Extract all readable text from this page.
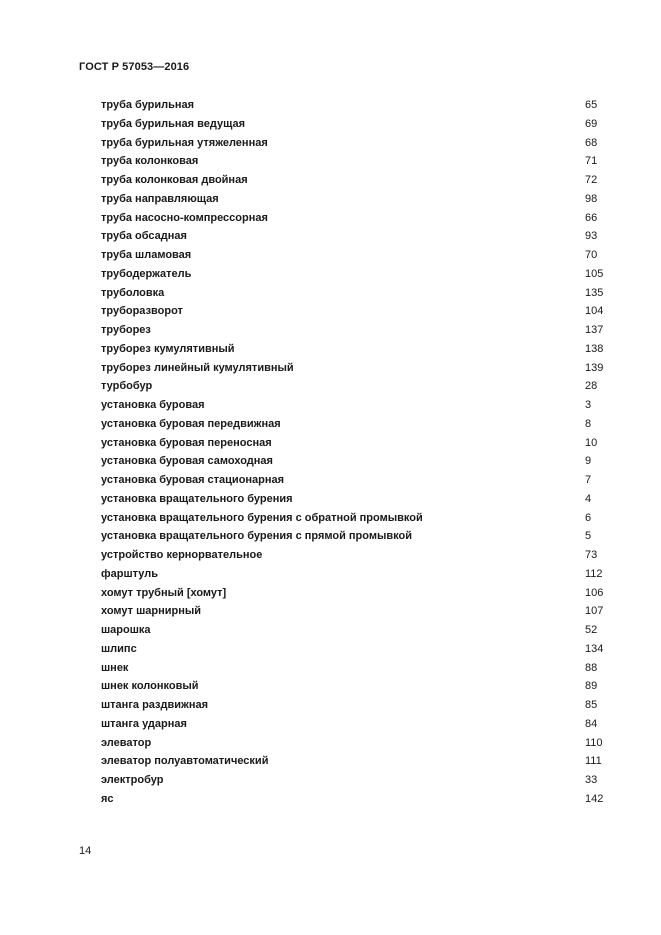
ГОСТ Р 57053—2016
труба бурильная	65
труба бурильная ведущая	69
труба бурильная утяжеленная	68
труба колонковая	71
труба колонковая двойная	72
труба направляющая	98
труба насосно-компрессорная	66
труба обсадная	93
труба шламовая	70
трубодержатель	105
труболовка	135
трубоpазворот	104
труборез	137
труборез кумулятивный	138
труборез линейный кумулятивный	139
турбобур	28
установка буровая	3
установка буровая передвижная	8
установка буровая переносная	10
установка буровая самоходная	9
установка буровая стационарная	7
установка вращательного бурения	4
установка вращательного бурения с обратной промывкой	6
установка вращательного бурения с прямой промывкой	5
устройство кернорвательное	73
фарштуль	112
хомут трубный [хомут]	106
хомут шарнирный	107
шарошка	52
шлипс	134
шнек	88
шнек колонковый	89
штанга раздвижная	85
штанга ударная	84
элеватор	110
элеватор полуавтоматический	111
электробур	33
яс	142
14
